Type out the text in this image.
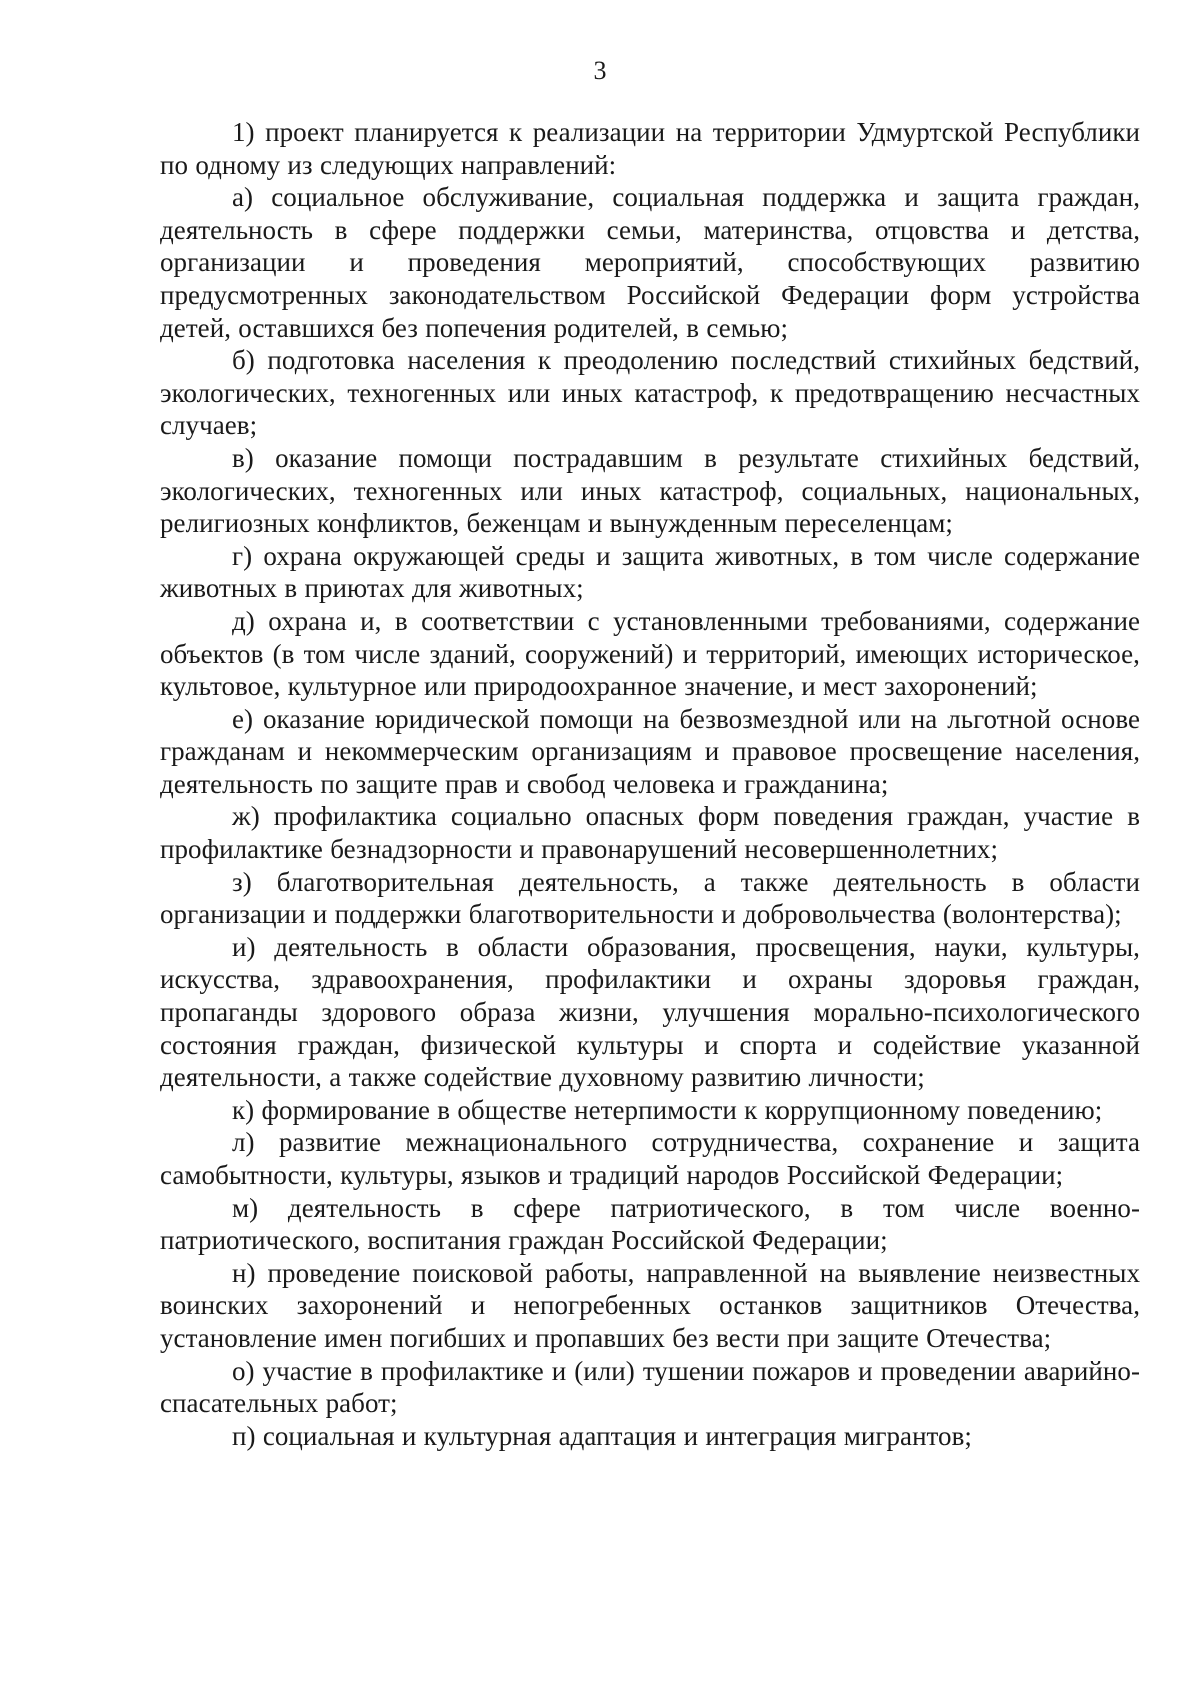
3

1) проект планируется к реализации на территории Удмуртской Республики по одному из следующих направлений:

а) социальное обслуживание, социальная поддержка и защита граждан, деятельность в сфере поддержки семьи, материнства, отцовства и детства, организации и проведения мероприятий, способствующих развитию предусмотренных законодательством Российской Федерации форм устройства детей, оставшихся без попечения родителей, в семью;

б) подготовка населения к преодолению последствий стихийных бедствий, экологических, техногенных или иных катастроф, к предотвращению несчастных случаев;

в) оказание помощи пострадавшим в результате стихийных бедствий, экологических, техногенных или иных катастроф, социальных, национальных, религиозных конфликтов, беженцам и вынужденным переселенцам;

г) охрана окружающей среды и защита животных, в том числе содержание животных в приютах для животных;

д) охрана и, в соответствии с установленными требованиями, содержание объектов (в том числе зданий, сооружений) и территорий, имеющих историческое, культовое, культурное или природоохранное значение, и мест захоронений;

е) оказание юридической помощи на безвозмездной или на льготной основе гражданам и некоммерческим организациям и правовое просвещение населения, деятельность по защите прав и свобод человека и гражданина;

ж) профилактика социально опасных форм поведения граждан, участие в профилактике безнадзорности и правонарушений несовершеннолетних;

з) благотворительная деятельность, а также деятельность в области организации и поддержки благотворительности и добровольчества (волонтерства);

и) деятельность в области образования, просвещения, науки, культуры, искусства, здравоохранения, профилактики и охраны здоровья граждан, пропаганды здорового образа жизни, улучшения морально-психологического состояния граждан, физической культуры и спорта и содействие указанной деятельности, а также содействие духовному развитию личности;

к) формирование в обществе нетерпимости к коррупционному поведению;

л) развитие межнационального сотрудничества, сохранение и защита самобытности, культуры, языков и традиций народов Российской Федерации;

м) деятельность в сфере патриотического, в том числе военно-патриотического, воспитания граждан Российской Федерации;

н) проведение поисковой работы, направленной на выявление неизвестных воинских захоронений и непогребенных останков защитников Отечества, установление имен погибших и пропавших без вести при защите Отечества;

о) участие в профилактике и (или) тушении пожаров и проведении аварийно-спасательных работ;

п) социальная и культурная адаптация и интеграция мигрантов;
